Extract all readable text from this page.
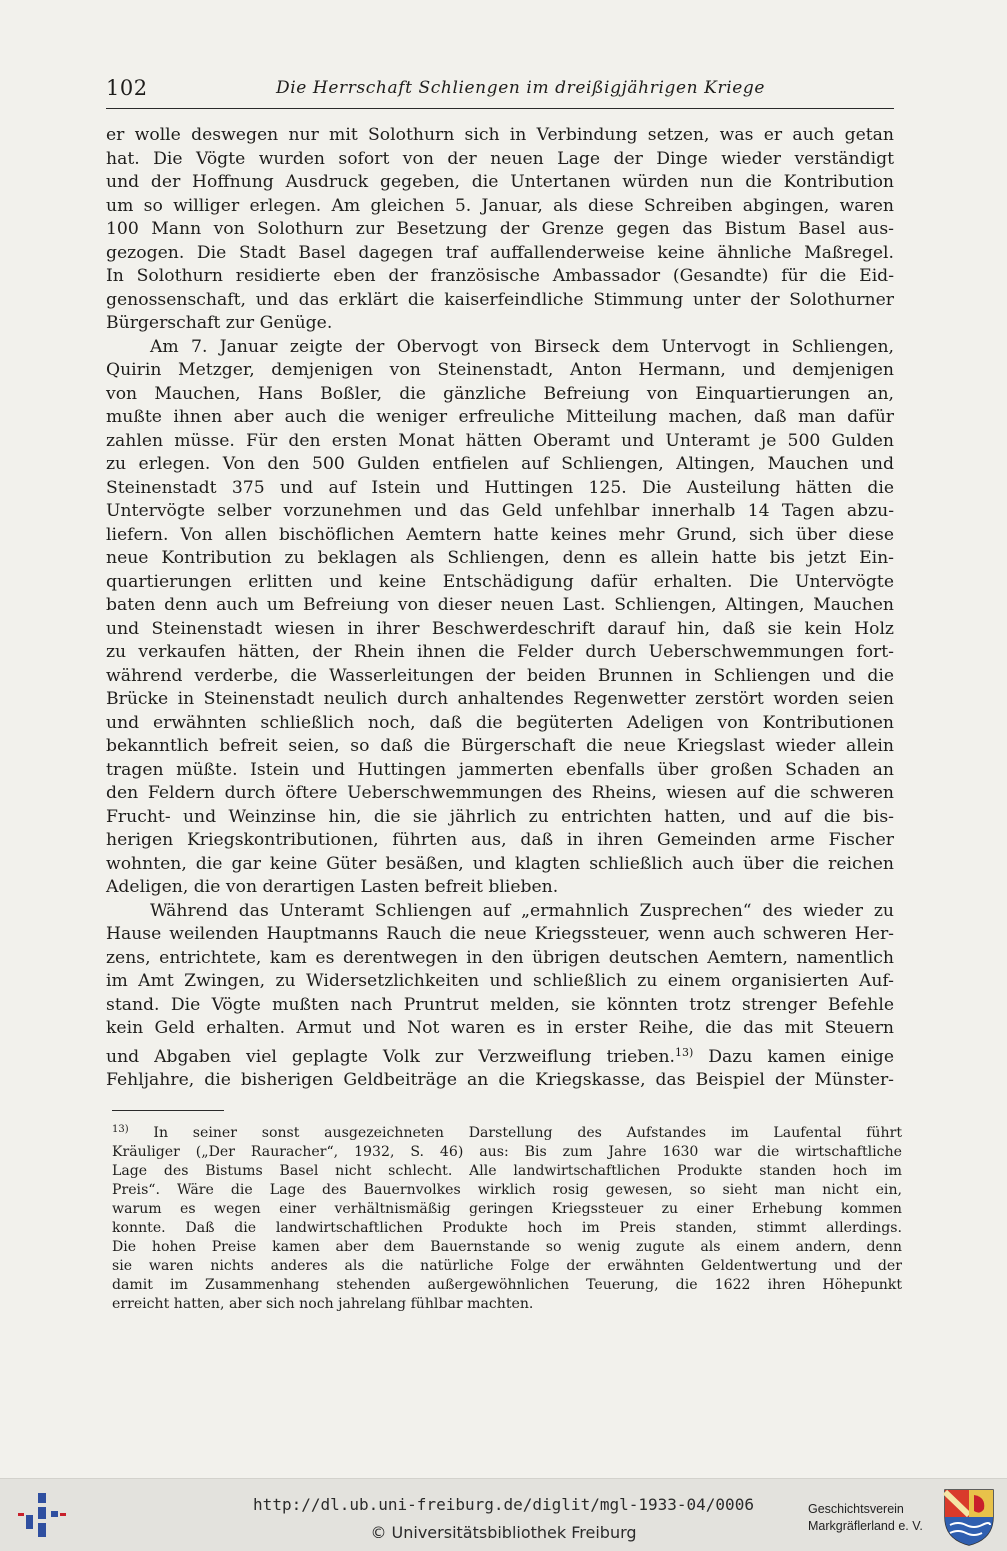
102	Die Herrschaft Schliengen im dreißigjährigen Kriege

er wolle deswegen nur mit Solothurn sich in Verbindung setzen, was er auch getan
hat. Die Vögte wurden sofort von der neuen Lage der Dinge wieder verständigt
und der Hoffnung Ausdruck gegeben, die Untertanen würden nun die Kontribution
um so williger erlegen. Am gleichen 5. Januar, als diese Schreiben abgingen, waren
100 Mann von Solothurn zur Besetzung der Grenze gegen das Bistum Basel aus-
gezogen. Die Stadt Basel dagegen traf auffallenderweise keine ähnliche Maßregel.
In Solothurn residierte eben der französische Ambassador (Gesandte) für die Eid-
genossenschaft, und das erklärt die kaiserfeindliche Stimmung unter der Solothurner
Bürgerschaft zur Genüge.

Am 7. Januar zeigte der Obervogt von Birseck dem Untervogt in Schliengen,
Quirin Metzger, demjenigen von Steinenstadt, Anton Hermann, und demjenigen
von Mauchen, Hans Boßler, die gänzliche Befreiung von Einquartierungen an,
mußte ihnen aber auch die weniger erfreuliche Mitteilung machen, daß man dafür
zahlen müsse. Für den ersten Monat hätten Oberamt und Unteramt je 500 Gulden
zu erlegen. Von den 500 Gulden entfielen auf Schliengen, Altingen, Mauchen und
Steinenstadt 375 und auf Istein und Huttingen 125. Die Austeilung hätten die
Untervögte selber vorzunehmen und das Geld unfehlbar innerhalb 14 Tagen abzu-
liefern. Von allen bischöflichen Aemtern hatte keines mehr Grund, sich über diese
neue Kontribution zu beklagen als Schliengen, denn es allein hatte bis jetzt Ein-
quartierungen erlitten und keine Entschädigung dafür erhalten. Die Untervögte
baten denn auch um Befreiung von dieser neuen Last. Schliengen, Altingen, Mauchen
und Steinenstadt wiesen in ihrer Beschwerdeschrift darauf hin, daß sie kein Holz
zu verkaufen hätten, der Rhein ihnen die Felder durch Ueberschwemmungen fort-
während verderbe, die Wasserleitungen der beiden Brunnen in Schliengen und die
Brücke in Steinenstadt neulich durch anhaltendes Regenwetter zerstört worden seien
und erwähnten schließlich noch, daß die begüterten Adeligen von Kontributionen
bekanntlich befreit seien, so daß die Bürgerschaft die neue Kriegslast wieder allein
tragen müßte. Istein und Huttingen jammerten ebenfalls über großen Schaden an
den Feldern durch öftere Ueberschwemmungen des Rheins, wiesen auf die schweren
Frucht- und Weinzinse hin, die sie jährlich zu entrichten hatten, und auf die bis-
herigen Kriegskontributionen, führten aus, daß in ihren Gemeinden arme Fischer
wohnten, die gar keine Güter besäßen, und klagten schließlich auch über die reichen
Adeligen, die von derartigen Lasten befreit blieben.

Während das Unteramt Schliengen auf „ermahnlich Zusprechen“ des wieder zu
Hause weilenden Hauptmanns Rauch die neue Kriegssteuer, wenn auch schweren Her-
zens, entrichtete, kam es derentwegen in den übrigen deutschen Aemtern, namentlich
im Amt Zwingen, zu Widersetzlichkeiten und schließlich zu einem organisierten Auf-
stand. Die Vögte mußten nach Pruntrut melden, sie könnten trotz strenger Befehle
kein Geld erhalten. Armut und Not waren es in erster Reihe, die das mit Steuern
und Abgaben viel geplagte Volk zur Verzweiflung trieben.$^{13)}$ Dazu kamen einige
Fehljahre, die bisherigen Geldbeiträge an die Kriegskasse, das Beispiel der Münster-

$^{13)}$ In seiner sonst ausgezeichneten Darstellung des Aufstandes im Laufental führt
Kräuliger („Der Rauracher“, 1932, S. 46) aus: Bis zum Jahre 1630 war die wirtschaftliche
Lage des Bistums Basel nicht schlecht. Alle landwirtschaftlichen Produkte standen hoch im
Preis“. Wäre die Lage des Bauernvolkes wirklich rosig gewesen, so sieht man nicht ein,
warum es wegen einer verhältnismäßig geringen Kriegssteuer zu einer Erhebung kommen
konnte. Daß die landwirtschaftlichen Produkte hoch im Preis standen, stimmt allerdings.
Die hohen Preise kamen aber dem Bauernstande so wenig zugute als einem andern, denn
sie waren nichts anderes als die natürliche Folge der erwähnten Geldentwertung und der
damit im Zusammenhang stehenden außergewöhnlichen Teuerung, die 1622 ihren Höhepunkt
erreicht hatten, aber sich noch jahrelang fühlbar machten.
http://dl.ub.uni-freiburg.de/diglit/mgl-1933-04/0006
© Universitätsbibliothek Freiburg
Geschichtsverein
Markgräflerland e. V.
